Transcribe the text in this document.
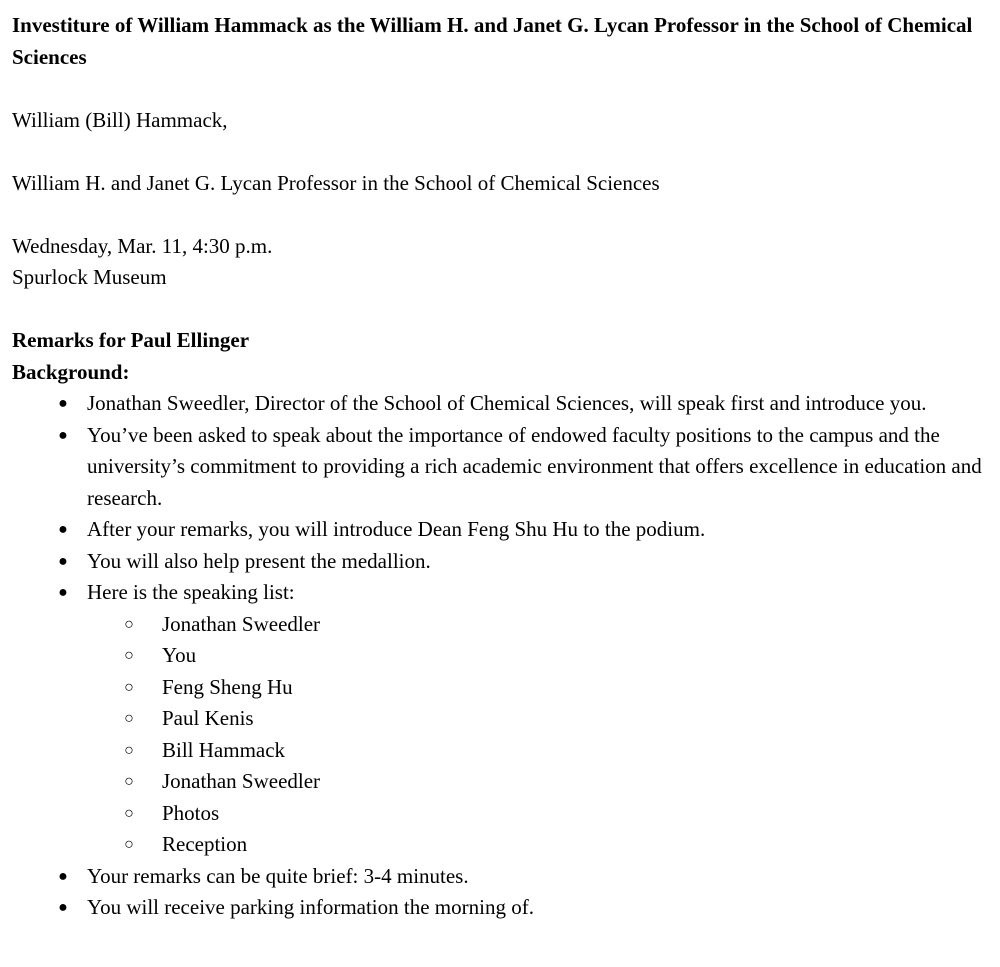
Investiture of William Hammack as the William H. and Janet G. Lycan Professor in the School of Chemical Sciences

William (Bill) Hammack,

William H. and Janet G. Lycan Professor in the School of Chemical Sciences

Wednesday, Mar. 11, 4:30 p.m.

Spurlock Museum

Remarks for Paul Ellinger

Background:

● Jonathan Sweedler, Director of the School of Chemical Sciences, will speak first and introduce you.
● You’ve been asked to speak about the importance of endowed faculty positions to the campus and the university’s commitment to providing a rich academic environment that offers excellence in education and research.
● After your remarks, you will introduce Dean Feng Shu Hu to the podium.
● You will also help present the medallion.
● Here is the speaking list:
○ Jonathan Sweedler
○ You
○ Feng Sheng Hu
○ Paul Kenis
○ Bill Hammack
○ Jonathan Sweedler
○ Photos
○ Reception
● Your remarks can be quite brief: 3-4 minutes.
● You will receive parking information the morning of.
